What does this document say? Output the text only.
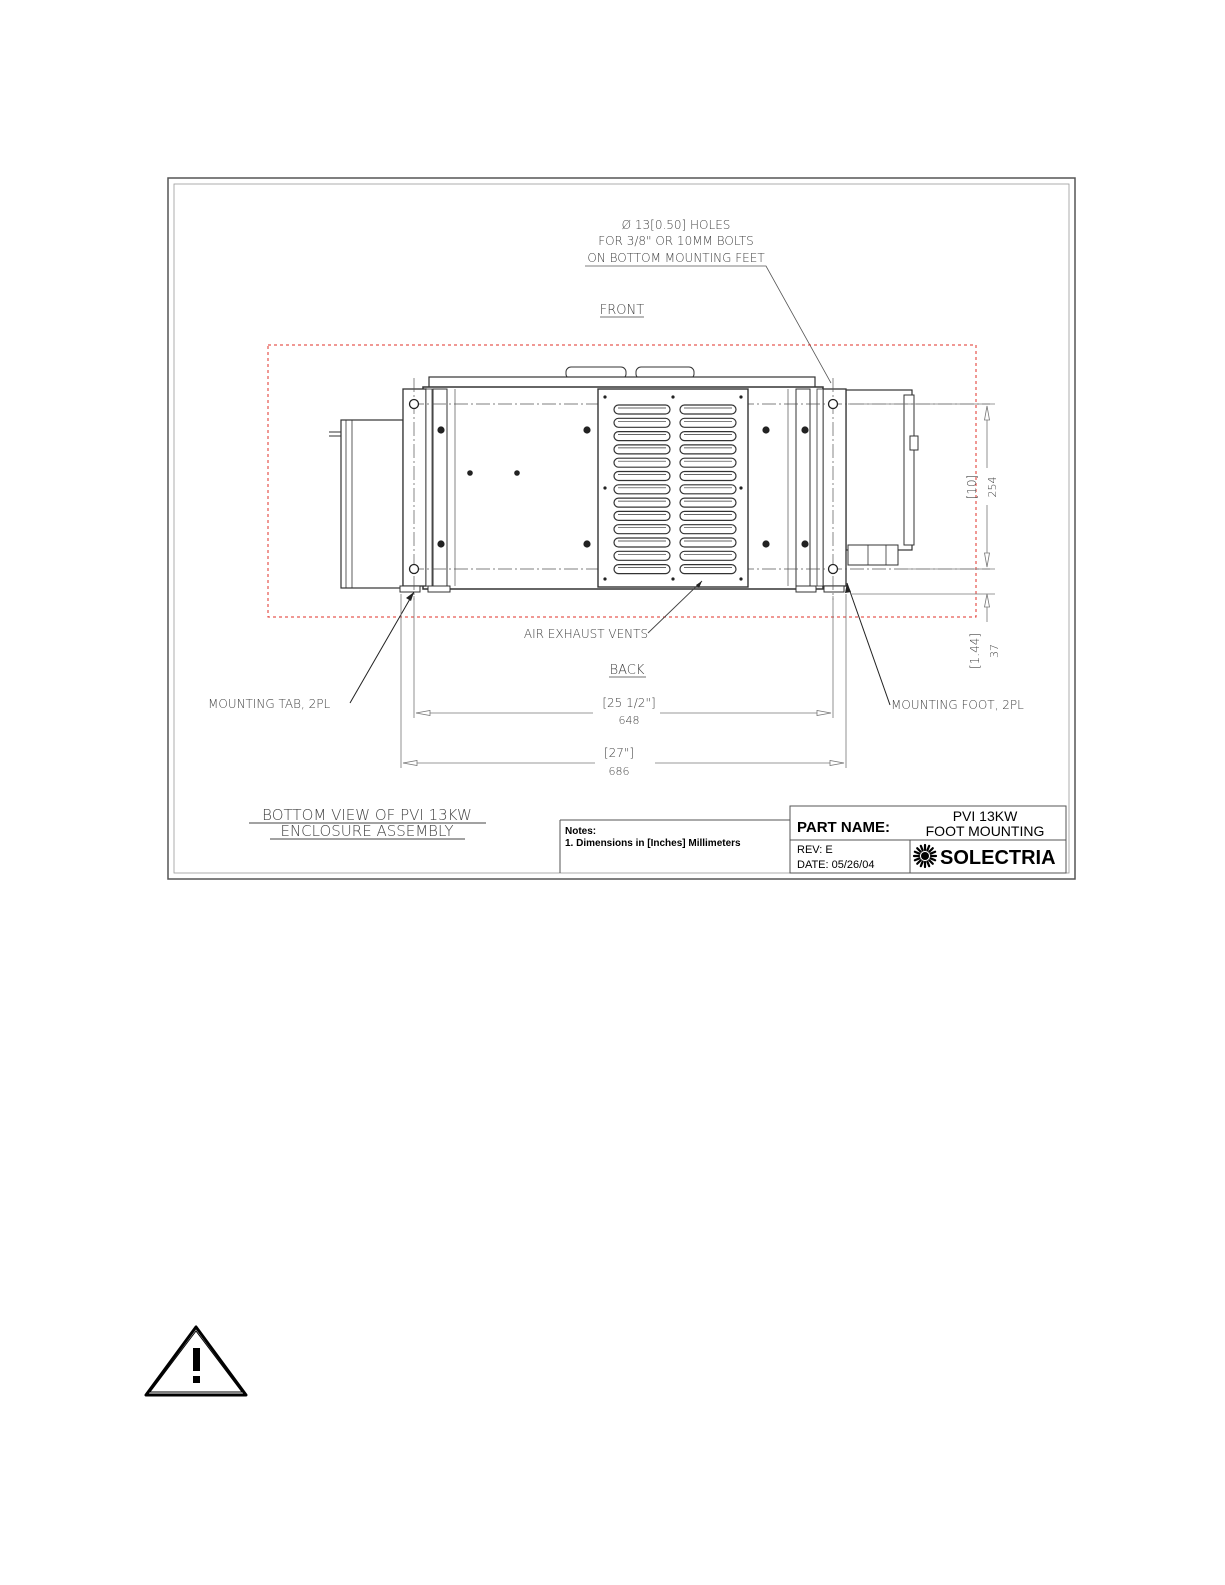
Ø 13[0.50] HOLES
FOR 3/8" OR 10MM BOLTS
ON BOTTOM MOUNTING FEET
FRONT
AIR EXHAUST VENTS
BACK
MOUNTING TAB, 2PL	MOUNTING FOOT, 2PL
[25 1/2"]
648
[27"]
686
[10] 254
[1.44] 37
BOTTOM VIEW OF PVI 13KW
ENCLOSURE ASSEMBLY	Notes:
1. Dimensions in [Inches] Millimeters
PART NAME:
PVI 13KW
FOOT MOUNTING
REV: E
DATE: 05/26/04	SOLECTRIA
